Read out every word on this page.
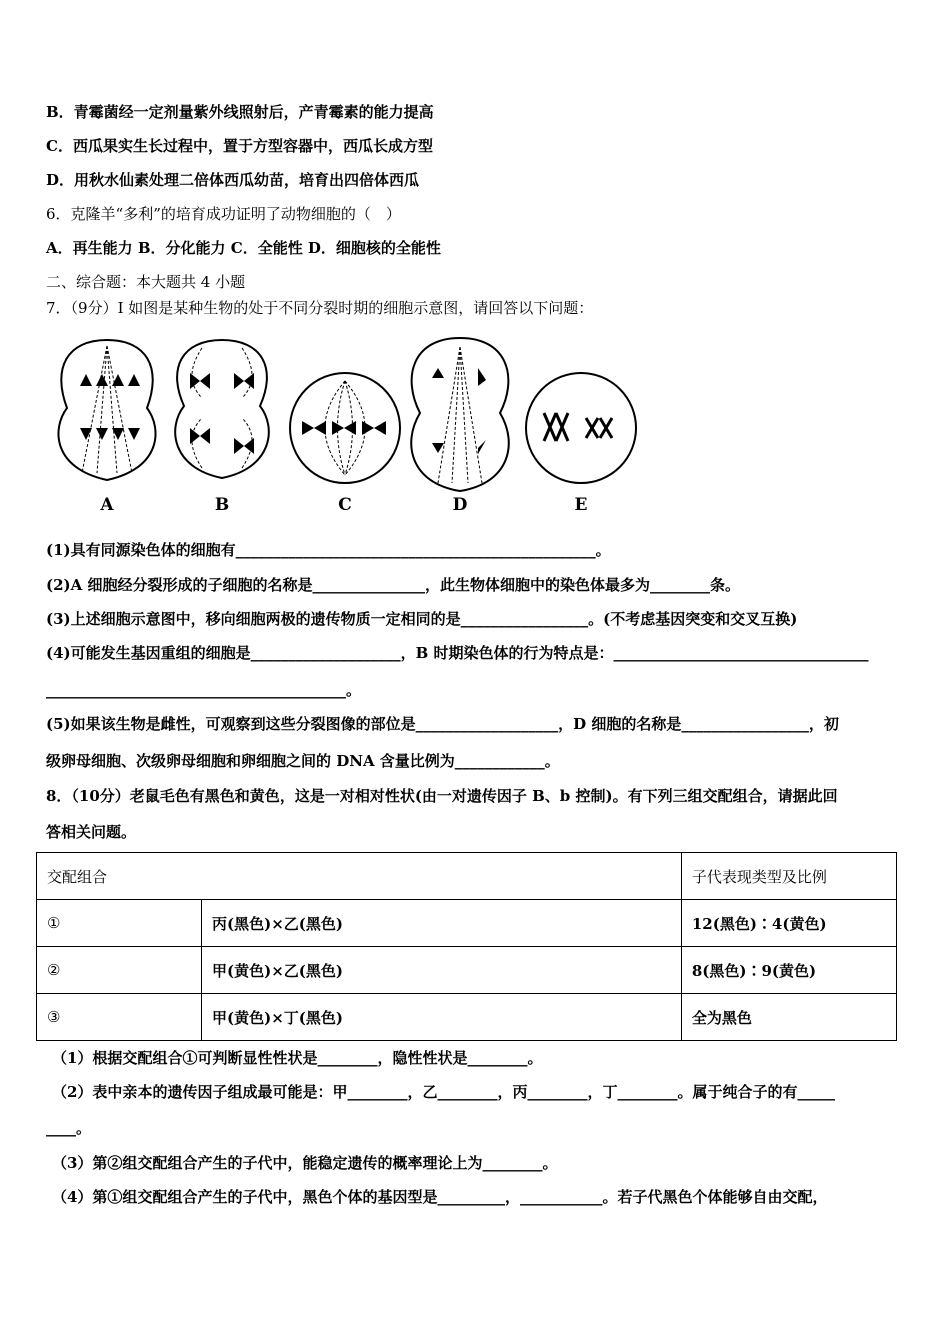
B．青霉菌经一定剂量紫外线照射后，产青霉素的能力提高
C．西瓜果实生长过程中，置于方型容器中，西瓜长成方型
D．用秋水仙素处理二倍体西瓜幼苗，培育出四倍体西瓜
6．克隆羊“多利”的培育成功证明了动物细胞的（　）
A．再生能力 B．分化能力 C．全能性 D．细胞核的全能性
二、综合题：本大题共 4 小题
7．（9分）I 如图是某种生物的处于不同分裂时期的细胞示意图，请回答以下问题：
A	B	C	D	E
(1)具有同源染色体的细胞有________________________________________________。
(2)A 细胞经分裂形成的子细胞的名称是_______________，此生物体细胞中的染色体最多为________条。
(3)上述细胞示意图中，移向细胞两极的遗传物质一定相同的是_________________。(不考虑基因突变和交叉互换)
(4)可能发生基因重组的细胞是____________________，B 时期染色体的行为特点是：__________________________________
________________________________________。
(5)如果该生物是雌性，可观察到这些分裂图像的部位是___________________，D 细胞的名称是_________________，初
级卵母细胞、次级卵母细胞和卵细胞之间的 DNA 含量比例为____________。
8．（10分）老鼠毛色有黑色和黄色，这是一对相对性状(由一对遗传因子 B、b 控制)。有下列三组交配组合，请据此回
答相关问题。
交配组合		子代表现类型及比例
①	丙(黑色)×乙(黑色)	12(黑色)∶4(黄色)
②	甲(黄色)×乙(黑色)	8(黑色)∶9(黄色)
③	甲(黄色)×丁(黑色)	全为黑色
（1）根据交配组合①可判断显性性状是________，隐性性状是________。
（2）表中亲本的遗传因子组成最可能是：甲________，乙________，丙________，丁________。属于纯合子的有_____
____。
（3）第②组交配组合产生的子代中，能稳定遗传的概率理论上为________。
（4）第①组交配组合产生的子代中，黑色个体的基因型是_________，___________。若子代黑色个体能够自由交配，
